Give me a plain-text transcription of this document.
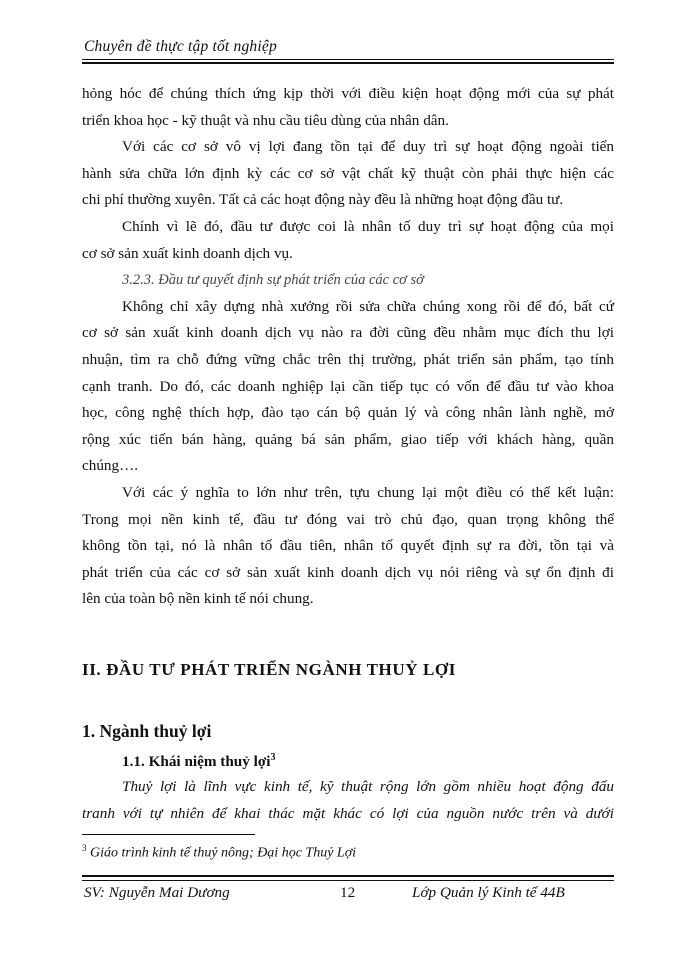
Chuyên đề thực tập tốt nghiệp
hỏng hóc để chúng thích ứng kịp thời với điều kiện hoạt động mới của sự phát
triển khoa học - kỹ thuật và nhu cầu tiêu dùng của nhân dân.
Với các cơ sở vô vị lợi đang tồn tại để duy trì sự hoạt động ngoài tiến
hành sửa chữa lớn định kỳ các cơ sở vật chất kỹ thuật còn phải thực hiện các
chi phí thường xuyên. Tất cả các hoạt động này đều là những hoạt động đầu tư.
Chính vì lẽ đó, đầu tư được coi là nhân tố duy trì sự hoạt động của mọi
cơ sở sản xuất kinh doanh dịch vụ.
3.2.3. Đầu tư quyết định sự phát triển của các cơ sở
Không chỉ xây dựng nhà xưởng rồi sửa chữa chúng xong rồi để đó, bất cứ
cơ sở sản xuất kinh doanh dịch vụ nào ra đời cũng đều nhằm mục đích thu lợi
nhuận, tìm ra chỗ đứng vững chắc trên thị trường, phát triển sản phẩm, tạo tính
cạnh tranh. Do đó, các doanh nghiệp lại cần tiếp tục có vốn để đầu tư vào khoa
học, công nghệ thích hợp, đào tạo cán bộ quản lý và công nhân lành nghề, mở
rộng xúc tiến bán hàng, quảng bá sản phẩm, giao tiếp với khách hàng, quần
chúng….
Với các ý nghĩa to lớn như trên, tựu chung lại một điều có thể kết luận:
Trong mọi nền kinh tế, đầu tư đóng vai trò chủ đạo, quan trọng không thể
không tồn tại, nó là nhân tố đầu tiên, nhân tố quyết định sự ra đời, tồn tại và
phát triển của các cơ sở sản xuất kinh doanh dịch vụ nói riêng và sự ổn định đi
lên của toàn bộ nền kinh tế nói chung.
II. ĐẦU TƯ PHÁT TRIỂN NGÀNH THUỶ LỢI
1. Ngành thuỷ lợi
1.1. Khái niệm thuỷ lợi$^3$
Thuỷ lợi là lĩnh vực kinh tế, kỹ thuật rộng lớn gồm nhiều hoạt động đấu
tranh với tự nhiên để khai thác mặt khác có lợi của nguồn nước trên và dưới
$^3$ Giáo trình kinh tế thuỷ nông; Đại học Thuỷ Lợi
SV: Nguyễn Mai Dương	12	Lớp Quản lý Kinh tế 44B
